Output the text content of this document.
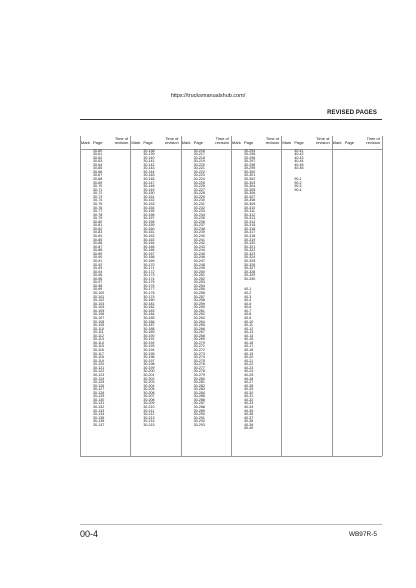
https://trucksmanualshub.com/
REVISED PAGES
Mark Page
Time of revision
30-60
30-61
30-62
30-63
30-64
30-65
30-66
30-67
30-68
30-69
30-70
30-71
30-72
30-73
30-74
30-75
30-76
30-77
30-78
30-79
30-80
30-81
30-82
30-83
30-84
30-85
30-86
30-87
30-88
30-89
30-90
30-91
30-92
30-93
30-94
30-95
30-96
30-97
30-98
30-99
30-100
30-101
30-102
30-103
30-104
30-105
30-106
30-107
30-108
30-109
30-110
30-111
30-112
30-113
30-114
30-115
30-116
30-117
30-118
30-119
30-120
30-121
30-122
30-123
30-124
30-125
30-126
30-127
30-128
30-129
30-130
30-131
30-132
30-133
30-134
30-135
30-136
30-137
Mark Page
Time of revision
30-138
30-139
30-140
30-141
30-142
30-143
30-144
30-145
30-146
30-147
30-148
30-149
30-150
30-151
30-152
30-153
30-154
30-155
30-156
30-157
30-158
30-159
30-160
30-161
30-162
30-163
30-164
30-165
30-166
30-167
30-168
30-169
30-170
30-171
30-172
30-173
30-174
30-175
30-176
30-177
30-178
30-179
30-180
30-181
30-182
30-183
30-184
30-185
30-186
30-187
30-188
30-189
30-190
30-191
30-192
30-193
30-194
30-195
30-196
30-197
30-198
30-199
30-200
30-201
30-202
30-203
30-204
30-205
30-206
30-207
30-208
30-209
30-210
30-211
30-212
30-213
30-214
30-215
Mark Page
Time of revision
30-216
30-217
30-218
30-219
30-220
30-221
30-222
30-223
30-224
30-225
30-226
30-227
30-228
30-229
30-230
30-231
30-232
30-233
30-234
30-235
30-236
30-237
30-238
30-239
30-240
30-241
30-242
30-243
30-244
30-245
30-246
30-247
30-248
30-249
30-250
30-251
30-252
30-253
30-254
30-255
30-256
30-257
30-258
30-259
30-260
30-261
30-262
30-263
30-264
30-265
30-266
30-267
30-268
30-269
30-270
30-271
30-272
30-273
30-274
30-275
30-276
30-277
30-278
30-279
30-280
30-281
30-282
30-283
30-284
30-285
30-286
30-287
30-288
30-289
30-290
30-291
30-292
30-293
Mark Page
Time of revision
30-294
30-295
30-296
30-297
30-298
30-299
30-300
30-301
30-302
30-303
30-304
30-305
30-306
30-307
30-308
30-309
30-310
30-311
30-312
30-313
30-314
30-315
30-316
30-317
30-318
30-319
30-320
30-321
30-322
30-323
30-324
30-325
30-326
30-327
30-328
30-329
30-330
40-1
40-2
40-3
40-4
40-5
40-6
40-7
40-8
40-9
40-10
40-11
40-12
40-13
40-14
40-15
40-16
40-17
40-18
40-19
40-20
40-21
40-22
40-23
40-24
40-25
40-26
40-27
40-28
40-29
40-30
40-31
40-32
40-33
40-34
40-35
40-36
40-37
40-38
40-39
40-40
Mark Page
Time of revision
40-41
40-42
40-43
40-44
40-45
40-46
90-1
90-2
90-3
90-4
Mark Page
Time of revision
00-4	WB97R-5
